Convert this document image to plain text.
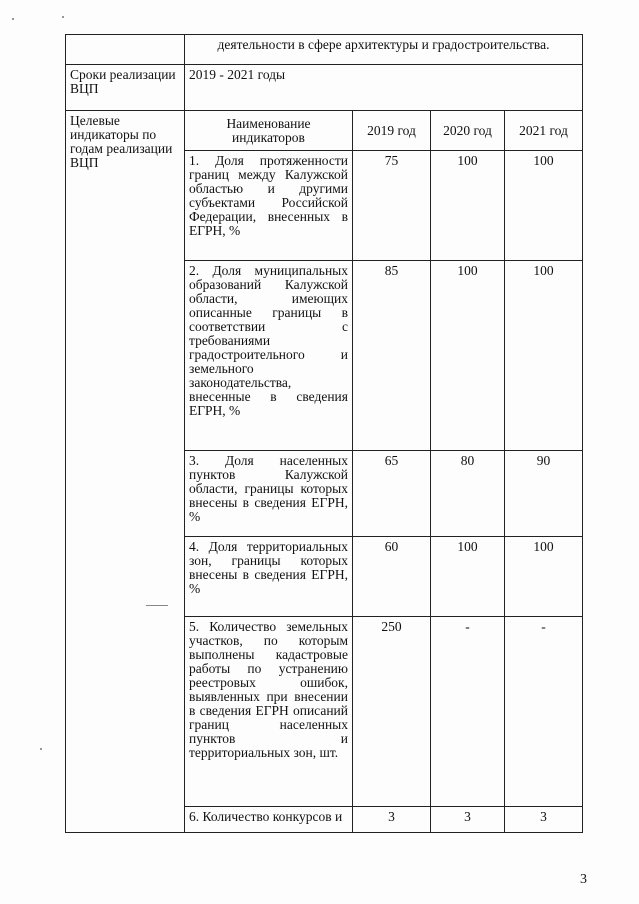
	деятельности в сфере архитектуры и градостроительства.			
Сроки реализации ВЦП	2019 - 2021 годы			
Целевые индикаторы по годам реализации ВЦП	Наименование индикаторов	2019 год	2020 год	2021 год
	1. Доля протяженности границ между Калужской областью и другими субъектами Российской Федерации, внесенных в ЕГРН, %	75	100	100
	2. Доля муниципальных образований Калужской области, имеющих описанные границы в соответствии с требованиями градостроительного и земельного законодательства, внесенные в сведения ЕГРН, %	85	100	100
	3. Доля населенных пунктов Калужской области, границы которых внесены в сведения ЕГРН, %	65	80	90
	4. Доля территориальных зон, границы которых внесены в сведения ЕГРН, %	60	100	100
	5. Количество земельных участков, по которым выполнены кадастровые работы по устранению реестровых ошибок, выявленных при внесении в сведения ЕГРН описаний границ населенных пунктов и территориальных зон, шт.	250	-	-
	6. Количество конкурсов и	3	3	3
3
